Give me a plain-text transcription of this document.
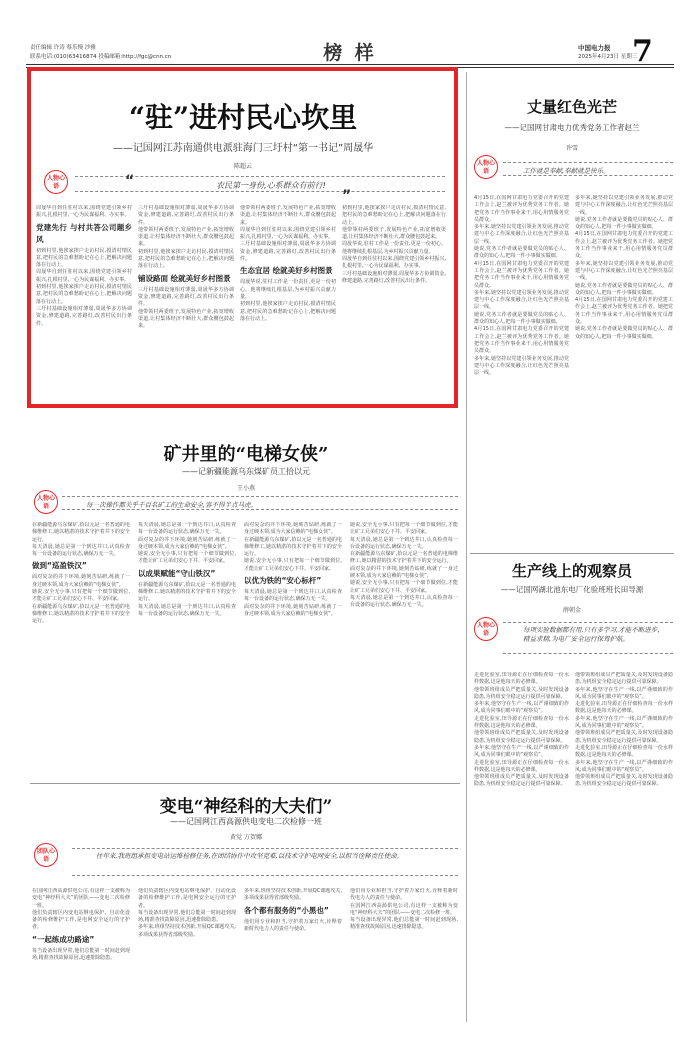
责任编辑 许涛 蔡乐慢 沙雅
联系电话:(010)63416874 投稿邮箱:http://fgc@cnn.cn	榜 样	中国电力报
2025年4月23日 星期三
7
“驻”进村民心坎里
——记国网江苏南通供电派驻海门三圩村“第一书记”周晟华
陈超云
人物心语	农民第一身份,心系群众有前行!
“
”

周晟华自到任驻村以来,围绕党建引领乡村振兴,扎根村里,一心为民谋福利、办实事。

党建先行 与村共答公司题乡风

初到村里,他挨家挨户走访村民,摸清村情民意,把村民的急难愁盼记在心上,把解决问题落在行动上。

周晟华自到任驻村以来,围绕党建引领乡村振兴,扎根村里,一心为民谋福利、办实事。

初到村里,他挨家挨户走访村民,摸清村情民意,把村民的急难愁盼记在心上,把解决问题落在行动上。

三圩村基础设施相对薄弱,周晟华多方协调资金,修建道路,完善路灯,改善村民出行条件。

三圩村基础设施相对薄弱,周晟华多方协调资金,修建道路,完善路灯,改善村民出行条件。

他带领村两委班子,发展特色产业,拓宽增收渠道,让村集体经济不断壮大,群众腰包鼓起来。

初到村里,他挨家挨户走访村民,摸清村情民意,把村民的急难愁盼记在心上,把解决问题落在行动上。

铺设路面 绘就美好乡村图景

三圩村基础设施相对薄弱,周晟华多方协调资金,修建道路,完善路灯,改善村民出行条件。

他带领村两委班子,发展特色产业,拓宽增收渠道,让村集体经济不断壮大,群众腰包鼓起来。

他带领村两委班子,发展特色产业,拓宽增收渠道,让村集体经济不断壮大,群众腰包鼓起来。

周晟华自到任驻村以来,围绕党建引领乡村振兴,扎根村里,一心为民谋福利、办实事。

三圩村基础设施相对薄弱,周晟华多方协调资金,修建道路,完善路灯,改善村民出行条件。

生态宜居 绘就美好乡村图景

周晟华说,驻村工作是一份责任,更是一份初心。他将继续扎根基层,为乡村振兴贡献力量。

初到村里,他挨家挨户走访村民,摸清村情民意,把村民的急难愁盼记在心上,把解决问题落在行动上。

初到村里,他挨家挨户走访村民,摸清村情民意,把村民的急难愁盼记在心上,把解决问题落在行动上。

他带领村两委班子,发展特色产业,拓宽增收渠道,让村集体经济不断壮大,群众腰包鼓起来。

周晟华说,驻村工作是一份责任,更是一份初心。他将继续扎根基层,为乡村振兴贡献力量。

周晟华自到任驻村以来,围绕党建引领乡村振兴,扎根村里,一心为民谋福利、办实事。

三圩村基础设施相对薄弱,周晟华多方协调资金,修建道路,完善路灯,改善村民出行条件。

丈量红色光芒
——记国网甘肃电力优秀党务工作者赵兰
许雪
人物心语	工作就是奉献,奉献就是快乐。

4月15日,在国网甘肃电力党委召开的党建工作会上,赵兰被评为优秀党务工作者。她把党务工作当作事业来干,用心用情服务党员群众。

多年来,她坚持以党建引领业务发展,推动党建与中心工作深度融合,让红色光芒照亮基层一线。

她说,党务工作者就是要做党员的贴心人、群众的知心人,把每一件小事做实做细。

4月15日,在国网甘肃电力党委召开的党建工作会上,赵兰被评为优秀党务工作者。她把党务工作当作事业来干,用心用情服务党员群众。

多年来,她坚持以党建引领业务发展,推动党建与中心工作深度融合,让红色光芒照亮基层一线。

她说,党务工作者就是要做党员的贴心人、群众的知心人,把每一件小事做实做细。

4月15日,在国网甘肃电力党委召开的党建工作会上,赵兰被评为优秀党务工作者。她把党务工作当作事业来干,用心用情服务党员群众。

多年来,她坚持以党建引领业务发展,推动党建与中心工作深度融合,让红色光芒照亮基层一线。

多年来,她坚持以党建引领业务发展,推动党建与中心工作深度融合,让红色光芒照亮基层一线。

她说,党务工作者就是要做党员的贴心人、群众的知心人,把每一件小事做实做细。

4月15日,在国网甘肃电力党委召开的党建工作会上,赵兰被评为优秀党务工作者。她把党务工作当作事业来干,用心用情服务党员群众。

多年来,她坚持以党建引领业务发展,推动党建与中心工作深度融合,让红色光芒照亮基层一线。

她说,党务工作者就是要做党员的贴心人、群众的知心人,把每一件小事做实做细。

4月15日,在国网甘肃电力党委召开的党建工作会上,赵兰被评为优秀党务工作者。她把党务工作当作事业来干,用心用情服务党员群众。

她说,党务工作者就是要做党员的贴心人、群众的知心人,把每一件小事做实做细。

矿井里的“电梯女侠”
——记新疆能源乌东煤矿员工拾以元
王小燕
人物心语	每一次操作都关乎千百名矿工的生命安全,容不得半点马虎。

在新疆能源乌东煤矿,拾以元是一名普通的电梯维修工,她以精湛的技术守护着井下的安全运行。

每天清晨,她总是第一个到达井口,认真检查每一台设备的运行状态,确保万无一失。

做到“巡盈铁汉”

面对复杂的井下环境,她刻苦钻研,练就了一身过硬本领,成为大家信赖的“电梯女侠”。

她说,安全无小事,只有把每一个细节做到位,才能让矿工兄弟们安心下井、平安回家。

在新疆能源乌东煤矿,拾以元是一名普通的电梯维修工,她以精湛的技术守护着井下的安全运行。

每天清晨,她总是第一个到达井口,认真检查每一台设备的运行状态,确保万无一失。

面对复杂的井下环境,她刻苦钻研,练就了一身过硬本领,成为大家信赖的“电梯女侠”。

她说,安全无小事,只有把每一个细节做到位,才能让矿工兄弟们安心下井、平安回家。

以成果赋能“守山铁汉”

在新疆能源乌东煤矿,拾以元是一名普通的电梯维修工,她以精湛的技术守护着井下的安全运行。

每天清晨,她总是第一个到达井口,认真检查每一台设备的运行状态,确保万无一失。

面对复杂的井下环境,她刻苦钻研,练就了一身过硬本领,成为大家信赖的“电梯女侠”。

在新疆能源乌东煤矿,拾以元是一名普通的电梯维修工,她以精湛的技术守护着井下的安全运行。

她说,安全无小事,只有把每一个细节做到位,才能让矿工兄弟们安心下井、平安回家。

以优为铁的“安心标杆”

每天清晨,她总是第一个到达井口,认真检查每一台设备的运行状态,确保万无一失。

面对复杂的井下环境,她刻苦钻研,练就了一身过硬本领,成为大家信赖的“电梯女侠”。

她说,安全无小事,只有把每一个细节做到位,才能让矿工兄弟们安心下井、平安回家。

每天清晨,她总是第一个到达井口,认真检查每一台设备的运行状态,确保万无一失。

在新疆能源乌东煤矿,拾以元是一名普通的电梯维修工,她以精湛的技术守护着井下的安全运行。

面对复杂的井下环境,她刻苦钻研,练就了一身过硬本领,成为大家信赖的“电梯女侠”。

她说,安全无小事,只有把每一个细节做到位,才能让矿工兄弟们安心下井、平安回家。

每天清晨,她总是第一个到达井口,认真检查每一台设备的运行状态,确保万无一失。

生产线上的观察员
——记国网湖北池东电厂化验班班长田导源
薛朝金
人物心语	每项实验数据都有用,只有多学习,才能不断进步、精益求精,为电厂安全运行保驾护航。

走进化验室,田导源正在仔细检查每一份水样数据,这是他每天的必修课。

他带领班组成员严把质量关,及时发现设备隐患,为机组安全稳定运行提供可靠保障。

多年来,他坚守在生产一线,以严谨细致的作风,成为同事们眼中的“观察员”。

走进化验室,田导源正在仔细检查每一份水样数据,这是他每天的必修课。

他带领班组成员严把质量关,及时发现设备隐患,为机组安全稳定运行提供可靠保障。

多年来,他坚守在生产一线,以严谨细致的作风,成为同事们眼中的“观察员”。

走进化验室,田导源正在仔细检查每一份水样数据,这是他每天的必修课。

他带领班组成员严把质量关,及时发现设备隐患,为机组安全稳定运行提供可靠保障。

他带领班组成员严把质量关,及时发现设备隐患,为机组安全稳定运行提供可靠保障。

多年来,他坚守在生产一线,以严谨细致的作风,成为同事们眼中的“观察员”。

走进化验室,田导源正在仔细检查每一份水样数据,这是他每天的必修课。

多年来,他坚守在生产一线,以严谨细致的作风,成为同事们眼中的“观察员”。

他带领班组成员严把质量关,及时发现设备隐患,为机组安全稳定运行提供可靠保障。

走进化验室,田导源正在仔细检查每一份水样数据,这是他每天的必修课。

多年来,他坚守在生产一线,以严谨细致的作风,成为同事们眼中的“观察员”。

他带领班组成员严把质量关,及时发现设备隐患,为机组安全稳定运行提供可靠保障。

变电“神经科的大夫们”
——记国网江西高源供电变电二次检修一班
黄觉 万贺娜
团队心语	往年来,我班组承担变电站运维检修任务,在团结协作中攻坚克难,以技术守护电网安全,以担当诠释责任使命。

在国网江西高源供电公司,有这样一支被称为变电“神经科大夫”的团队——变电二次检修一班。

他们负责辖区内变电站继电保护、自动化设备的检修维护工作,是电网安全运行的守护者。

“一起练成功路途”

每当设备出现异常,他们总能第一时间赶到现场,精准查找故障原因,迅速排除隐患。

他们负责辖区内变电站继电保护、自动化设备的检修维护工作,是电网安全运行的守护者。

每当设备出现异常,他们总能第一时间赶到现场,精准查找故障原因,迅速排除隐患。

多年来,班组坚持技术创新,开展QC课题攻关,多项成果获得省部级奖励。

多年来,班组坚持技术创新,开展QC课题攻关,多项成果获得省部级奖励。

各个都有服务的“小黑也”

他们用专业和担当,守护着万家灯火,诠释着新时代电力人的责任与使命。

他们用专业和担当,守护着万家灯火,诠释着新时代电力人的责任与使命。

在国网江西高源供电公司,有这样一支被称为变电“神经科大夫”的团队——变电二次检修一班。

每当设备出现异常,他们总能第一时间赶到现场,精准查找故障原因,迅速排除隐患。
